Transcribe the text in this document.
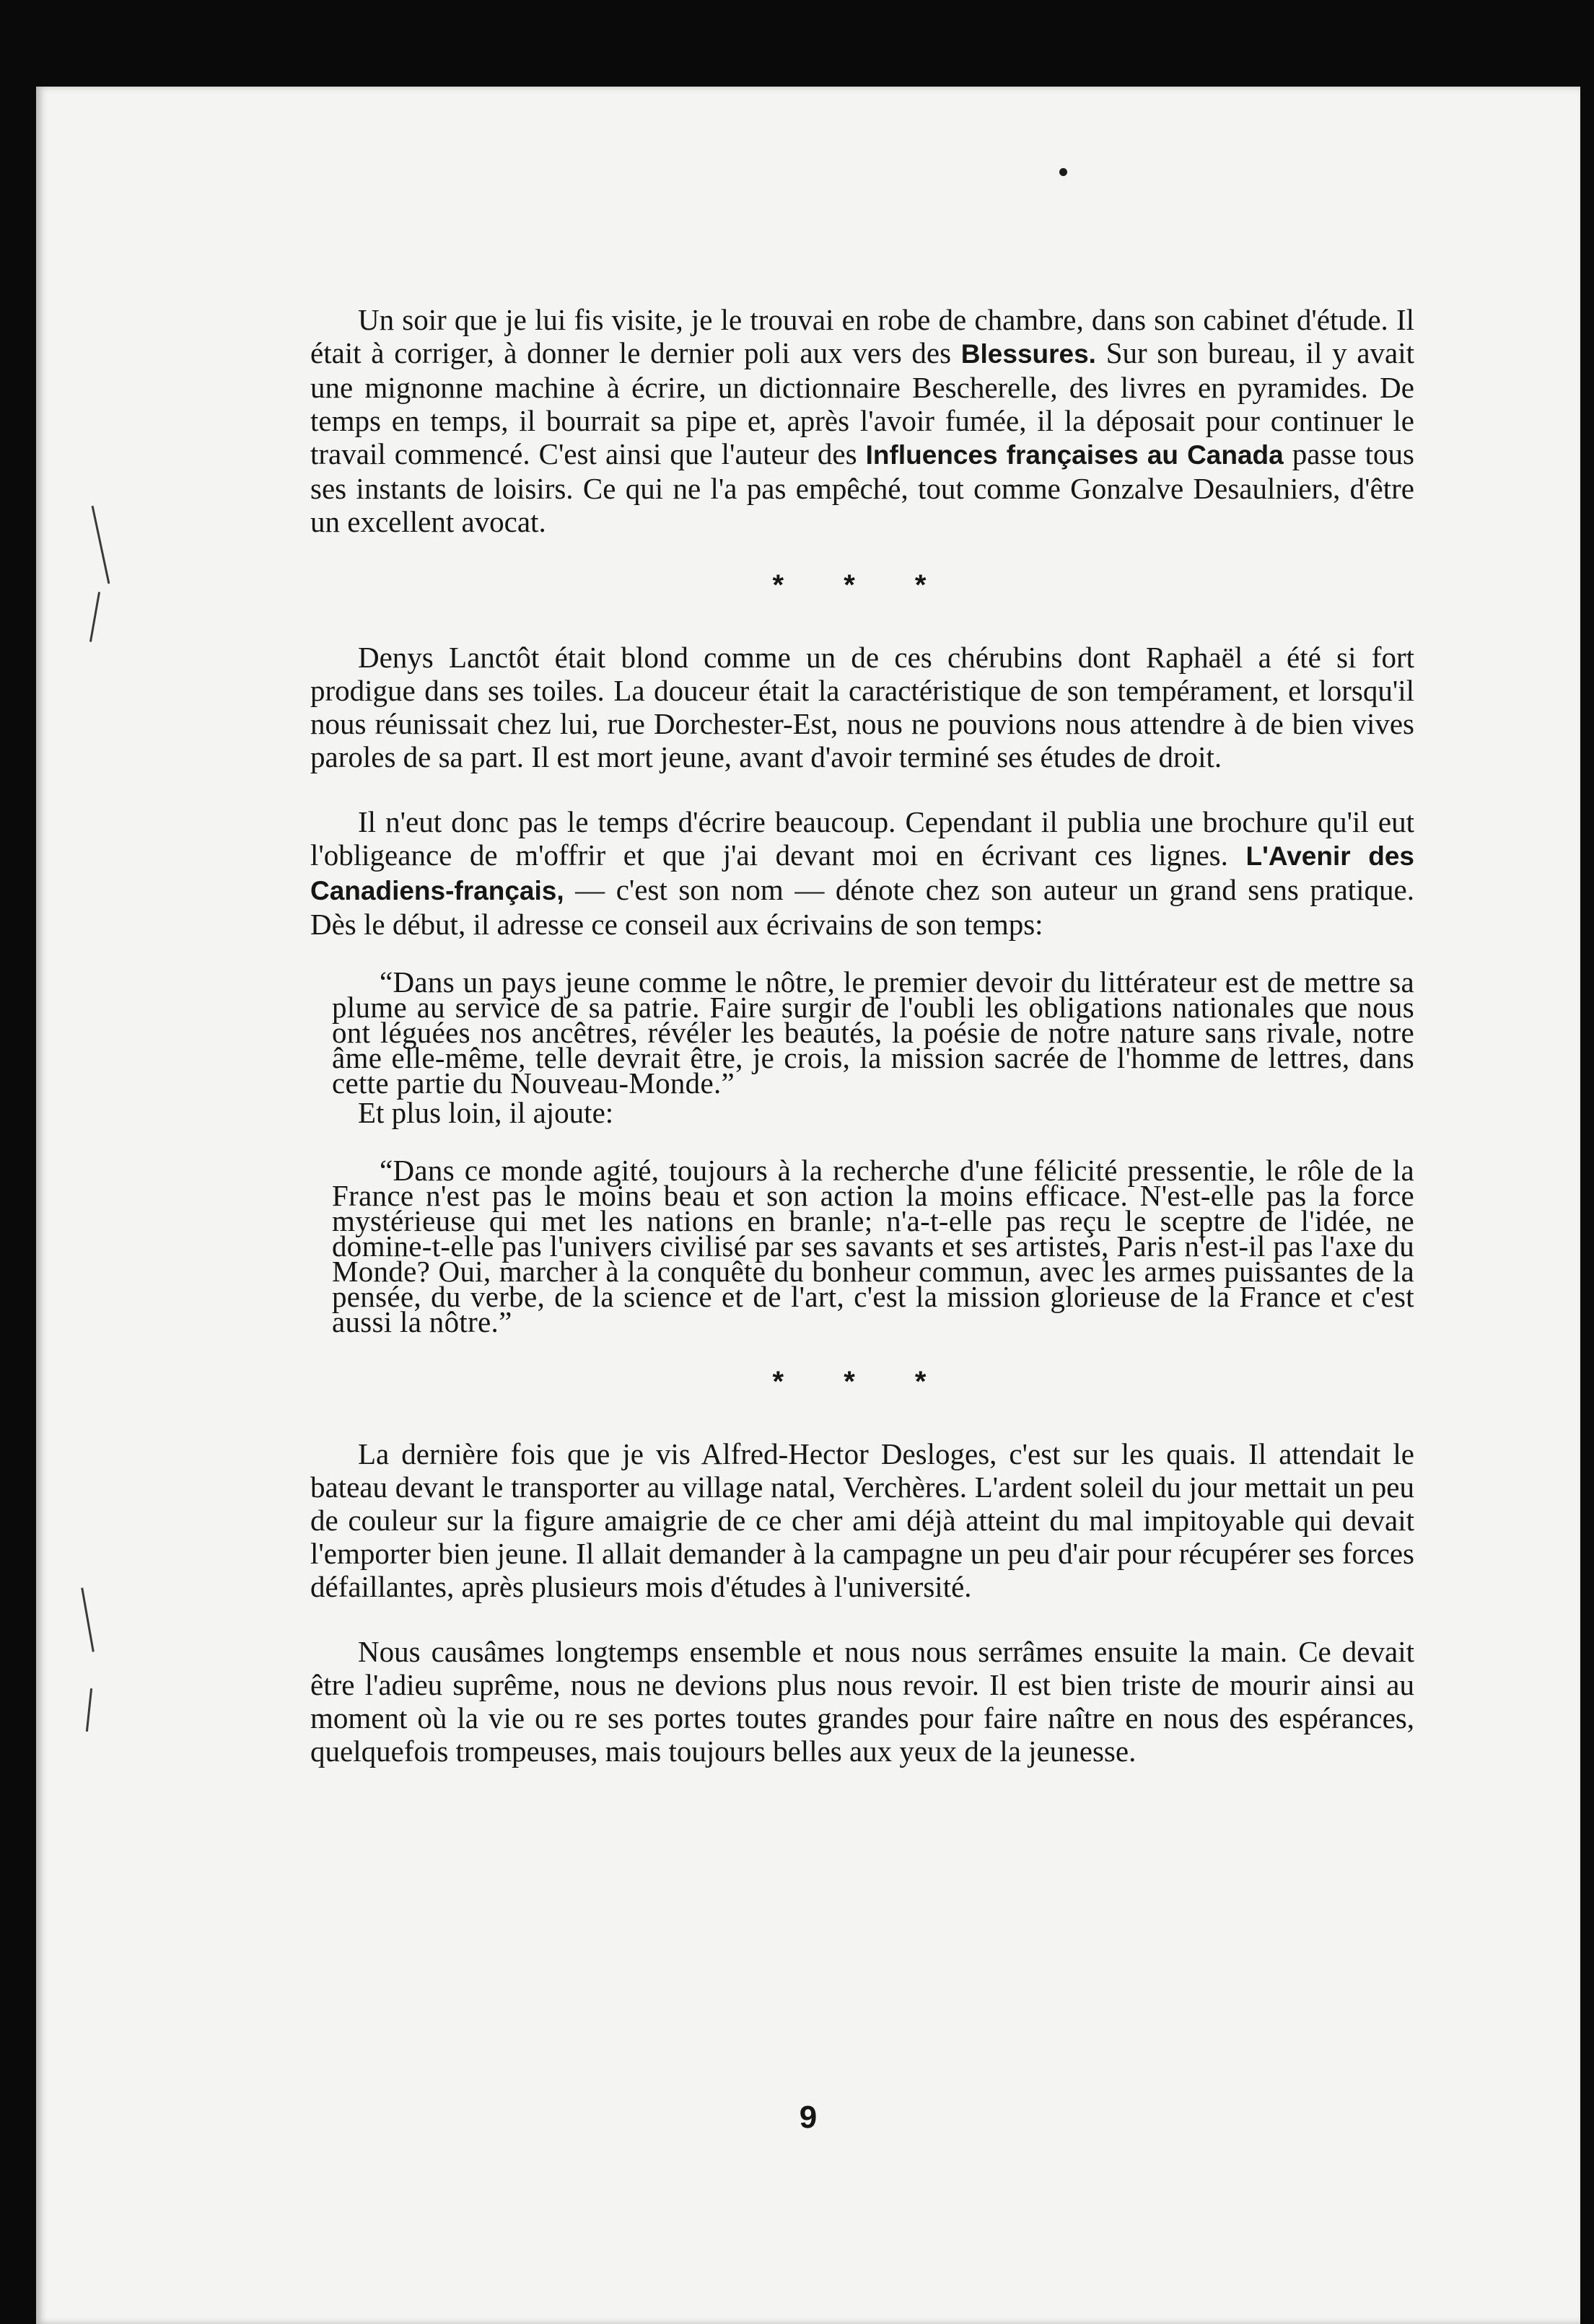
Un soir que je lui fis visite, je le trouvai en robe de chambre, dans son cabinet d'étude. Il était à corriger, à donner le dernier poli aux vers des Blessures. Sur son bureau, il y avait une mignonne machine à écrire, un dictionnaire Bescherelle, des livres en pyramides. De temps en temps, il bourrait sa pipe et, après l'avoir fumée, il la déposait pour continuer le travail commencé. C'est ainsi que l'auteur des Influences françaises au Canada passe tous ses instants de loisirs. Ce qui ne l'a pas empêché, tout comme Gonzalve Desaulniers, d'être un excellent avocat.

* * *

Denys Lanctôt était blond comme un de ces chérubins dont Raphaël a été si fort prodigue dans ses toiles. La douceur était la caractéristique de son tempérament, et lorsqu'il nous réunissait chez lui, rue Dorchester-Est, nous ne pouvions nous attendre à de bien vives paroles de sa part. Il est mort jeune, avant d'avoir terminé ses études de droit.

Il n'eut donc pas le temps d'écrire beaucoup. Cependant il publia une brochure qu'il eut l'obligeance de m'offrir et que j'ai devant moi en écrivant ces lignes. L'Avenir des Canadiens-français, — c'est son nom — dénote chez son auteur un grand sens pratique. Dès le début, il adresse ce conseil aux écrivains de son temps:

“Dans un pays jeune comme le nôtre, le premier devoir du littérateur est de mettre sa plume au service de sa patrie. Faire surgir de l'oubli les obligations nationales que nous ont léguées nos ancêtres, révéler les beautés, la poésie de notre nature sans rivale, notre âme elle-même, telle devrait être, je crois, la mission sacrée de l'homme de lettres, dans cette partie du Nouveau-Monde.”

Et plus loin, il ajoute:

“Dans ce monde agité, toujours à la recherche d'une félicité pressentie, le rôle de la France n'est pas le moins beau et son action la moins efficace. N'est-elle pas la force mystérieuse qui met les nations en branle; n'a-t-elle pas reçu le sceptre de l'idée, ne domine-t-elle pas l'univers civilisé par ses savants et ses artistes, Paris n'est-il pas l'axe du Monde? Oui, marcher à la conquête du bonheur commun, avec les armes puissantes de la pensée, du verbe, de la science et de l'art, c'est la mission glorieuse de la France et c'est aussi la nôtre.”
* * *

La dernière fois que je vis Alfred-Hector Desloges, c'est sur les quais. Il attendait le bateau devant le transporter au village natal, Verchères. L'ardent soleil du jour mettait un peu de couleur sur la figure amaigrie de ce cher ami déjà atteint du mal impitoyable qui devait l'emporter bien jeune. Il allait demander à la campagne un peu d'air pour récupérer ses forces défaillantes, après plusieurs mois d'études à l'université.

Nous causâmes longtemps ensemble et nous nous serrâmes ensuite la main. Ce devait être l'adieu suprême, nous ne devions plus nous revoir. Il est bien triste de mourir ainsi au moment où la vie ou re ses portes toutes grandes pour faire naître en nous des espérances, quelquefois trompeuses, mais toujours belles aux yeux de la jeunesse.

9
